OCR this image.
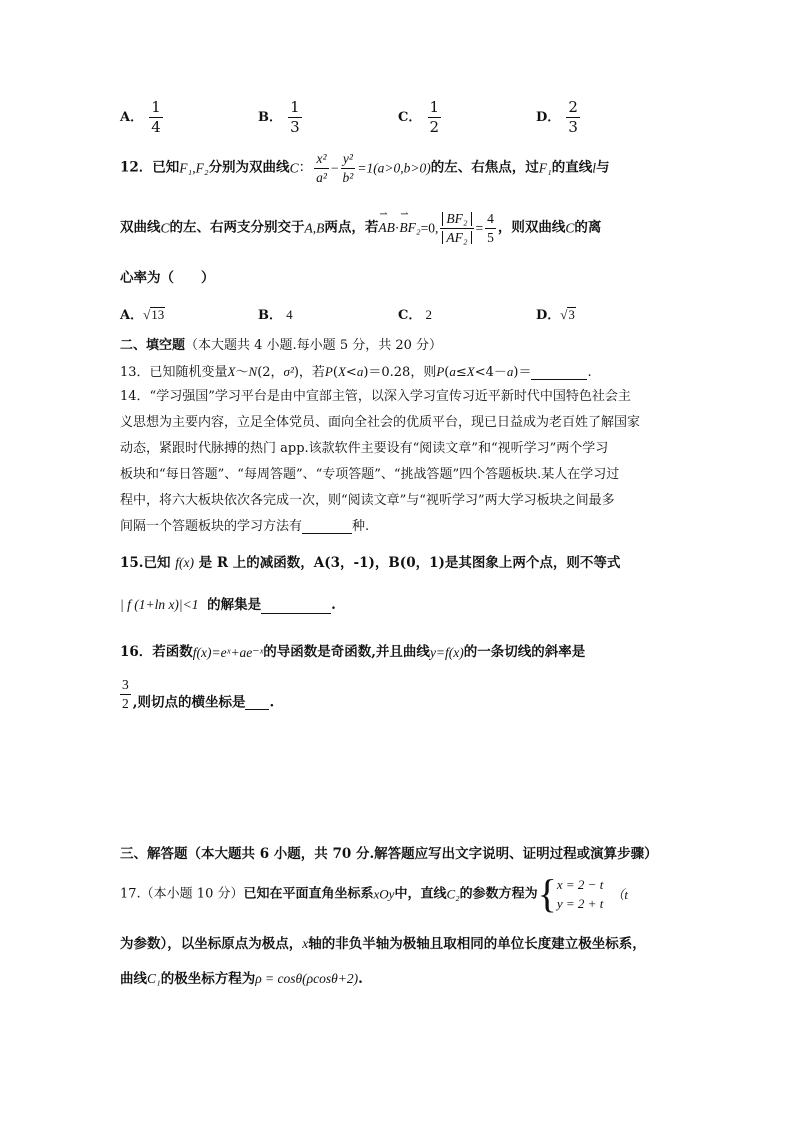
A． $\frac{1}{4}$	B． $\frac{1}{3}$	C． $\frac{1}{2}$	D． $\frac{2}{3}$
12．已知F₁,F₂分别为双曲线C： $\frac{\text{x²}}{\text{a²}} - \frac{\text{y²}}{\text{b²}} =1(a>0,b>0)$的左、右焦点，过F₁的直线l与
双曲线C的左、右两支分别交于A,B两点，若⇀ AB·⇀ BF₂=0, $\frac{\text{BF₂}}{\text{AF₂}} = \frac{4}{5}$ ，则双曲线C的离
心率为（　　）
A． √ 13	B． 4	C． 2	D． √ 3
二、填空题（本大题共 4 小题.每小题 5 分，共 20 分）
13．已知随机变量X～N(2，σ²)，若P(X<a)＝0.28，则P(a≤X<4－a)＝	.
14．“学习强国”学习平台是由中宣部主管，以深入学习宣传习近平新时代中国特色社会主
义思想为主要内容，立足全体党员、面向全社会的优质平台，现已日益成为老百姓了解国家
动态，紧跟时代脉搏的热门 app.该款软件主要设有“阅读文章”和“视听学习”两个学习
板块和“每日答题”、“每周答题”、“专项答题”、“挑战答题”四个答题板块.某人在学习过
程中，将六大板块依次各完成一次，则“阅读文章”与“视听学习”两大学习板块之间最多
间隔一个答题板块的学习方法有	种.
15.已知 f(x) 是 R 上的减函数，A(3，-1)，B(0，1)是其图象上两个点，则不等式
| f (1+ln x)|<1 的解集是	.
16．若函数f(x)=eˣ+ae⁻ˣ的导函数是奇函数,并且曲线y=f(x)的一条切线的斜率是
$\frac{3}{2}$ ,则切点的横坐标是 .
三、解答题（本大题共 6 小题，共 70 分.解答题应写出文字说明、证明过程或演算步骤）
17.（本小题 10 分）已知在平面直角坐标系xOy中，直线C₂的参数方程为{ x = 2 − t
y = 2 + t
（t
为参数），以坐标原点为极点，x轴的非负半轴为极轴且取相同的单位长度建立极坐标系，
曲线C₁的极坐标方程为ρ = cosθ(ρcosθ+2).
